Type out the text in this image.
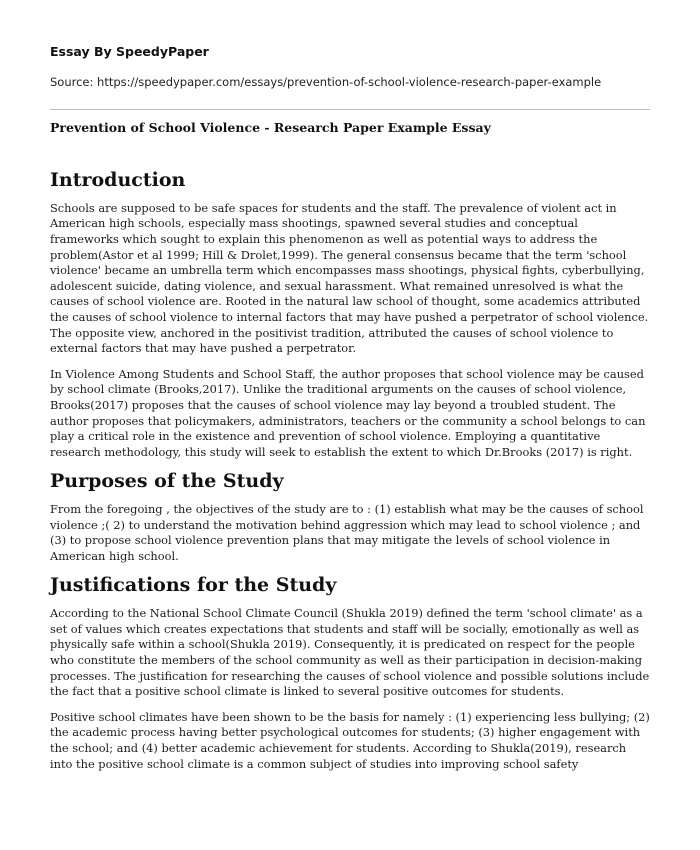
Essay By SpeedyPaper

Source: https://speedypaper.com/essays/prevention-of-school-violence-research-paper-example

Prevention of School Violence - Research Paper Example Essay

Introduction

Schools are supposed to be safe spaces for students and the staff. The prevalence of violent act in American high schools, especially mass shootings, spawned several studies and conceptual frameworks which sought to explain this phenomenon as well as potential ways to address the problem(Astor et al 1999; Hill & Drolet,1999). The general consensus became that the term 'school violence' became an umbrella term which encompasses mass shootings, physical fights, cyberbullying, adolescent suicide, dating violence, and sexual harassment. What remained unresolved is what the causes of school violence are. Rooted in the natural law school of thought, some academics attributed the causes of school violence to internal factors that may have pushed a perpetrator of school violence. The opposite view, anchored in the positivist tradition, attributed the causes of school violence to external factors that may have pushed a perpetrator.

In Violence Among Students and School Staff, the author proposes that school violence may be caused by school climate (Brooks,2017). Unlike the traditional arguments on the causes of school violence, Brooks(2017) proposes that the causes of school violence may lay beyond a troubled student. The author proposes that policymakers, administrators, teachers or the community a school belongs to can play a critical role in the existence and prevention of school violence. Employing a quantitative research methodology, this study will seek to establish the extent to which Dr.Brooks (2017) is right.

Purposes of the Study

From the foregoing , the objectives of the study are to : (1) establish what may be the causes of school violence ;( 2) to understand the motivation behind aggression which may lead to school violence ; and (3) to propose school violence prevention plans that may mitigate the levels of school violence in American high school.

Justifications for the Study

According to the National School Climate Council (Shukla 2019) defined the term 'school climate' as a set of values which creates expectations that students and staff will be socially, emotionally as well as physically safe within a school(Shukla 2019). Consequently, it is predicated on respect for the people who constitute the members of the school community as well as their participation in decision-making processes. The justification for researching the causes of school violence and possible solutions include the fact that a positive school climate is linked to several positive outcomes for students.

Positive school climates have been shown to be the basis for namely : (1) experiencing less bullying; (2) the academic process having better psychological outcomes for students; (3) higher engagement with the school; and (4) better academic achievement for students. According to Shukla(2019), research into the positive school climate is a common subject of studies into improving school safety
